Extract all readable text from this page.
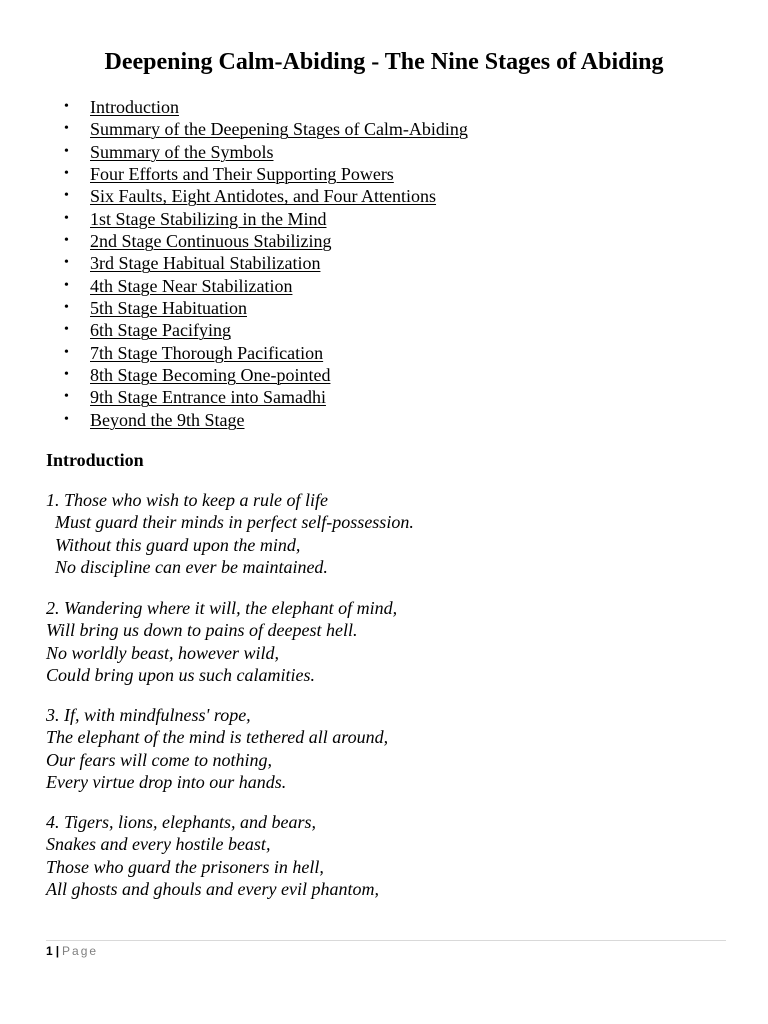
Deepening Calm-Abiding - The Nine Stages of Abiding
• Introduction
• Summary of the Deepening Stages of Calm-Abiding
• Summary of the Symbols
• Four Efforts and Their Supporting Powers
• Six Faults, Eight Antidotes, and Four Attentions
• 1st Stage Stabilizing in the Mind
• 2nd Stage Continuous Stabilizing
• 3rd Stage Habitual Stabilization
• 4th Stage Near Stabilization
• 5th Stage Habituation
• 6th Stage Pacifying
• 7th Stage Thorough Pacification
• 8th Stage Becoming One-pointed
• 9th Stage Entrance into Samadhi
• Beyond the 9th Stage
Introduction

1. Those who wish to keep a rule of life
Must guard their minds in perfect self-possession.
Without this guard upon the mind,
No discipline can ever be maintained.

2. Wandering where it will, the elephant of mind,
Will bring us down to pains of deepest hell.
No worldly beast, however wild,
Could bring upon us such calamities.

3. If, with mindfulness' rope,
The elephant of the mind is tethered all around,
Our fears will come to nothing,
Every virtue drop into our hands.

4. Tigers, lions, elephants, and bears,
Snakes and every hostile beast,
Those who guard the prisoners in hell,
All ghosts and ghouls and every evil phantom,

1 | Page
